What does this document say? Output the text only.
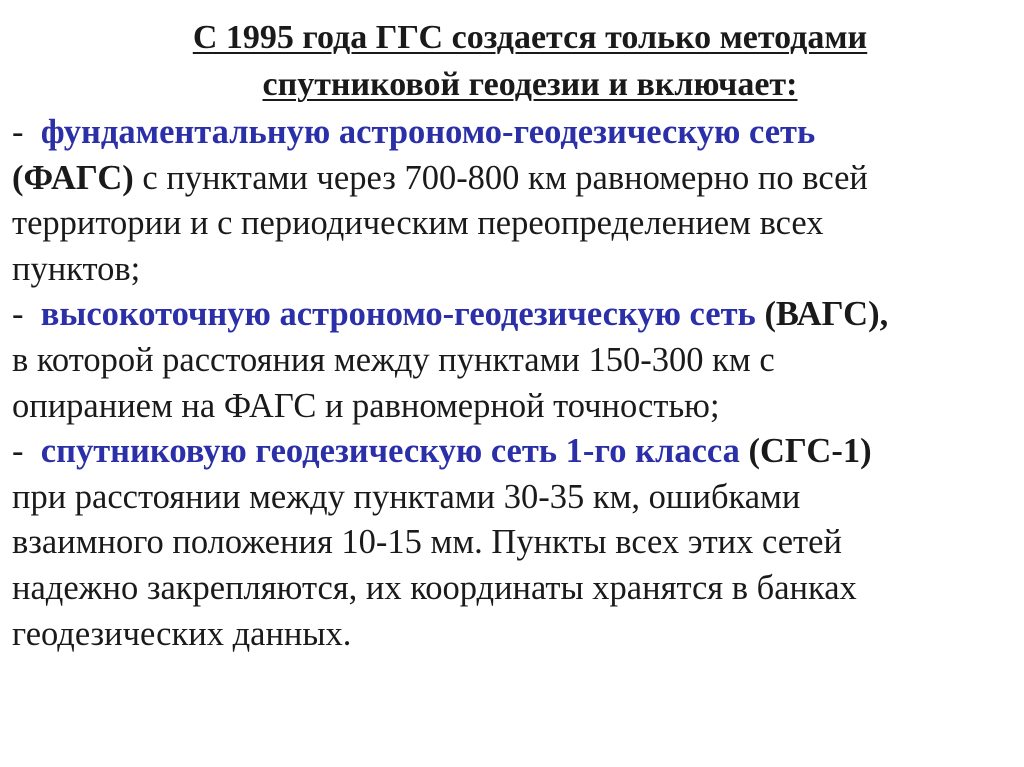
С 1995 года ГГС создается только методами
спутниковой геодезии и включает:
- фундаментальную астрономо-геодезическую сеть
(ФАГС) с пунктами через 700-800 км равномерно по всей
территории и с периодическим переопределением всех
пунктов;
- высокоточную астрономо-геодезическую сеть (ВАГС),
в которой расстояния между пунктами 150-300 км с
опиранием на ФАГС и равномерной точностью;
- спутниковую геодезическую сеть 1-го класса (СГС-1)
при расстоянии между пунктами 30-35 км, ошибками
взаимного положения 10-15 мм. Пункты всех этих сетей
надежно закрепляются, их координаты хранятся в банках
геодезических данных.
